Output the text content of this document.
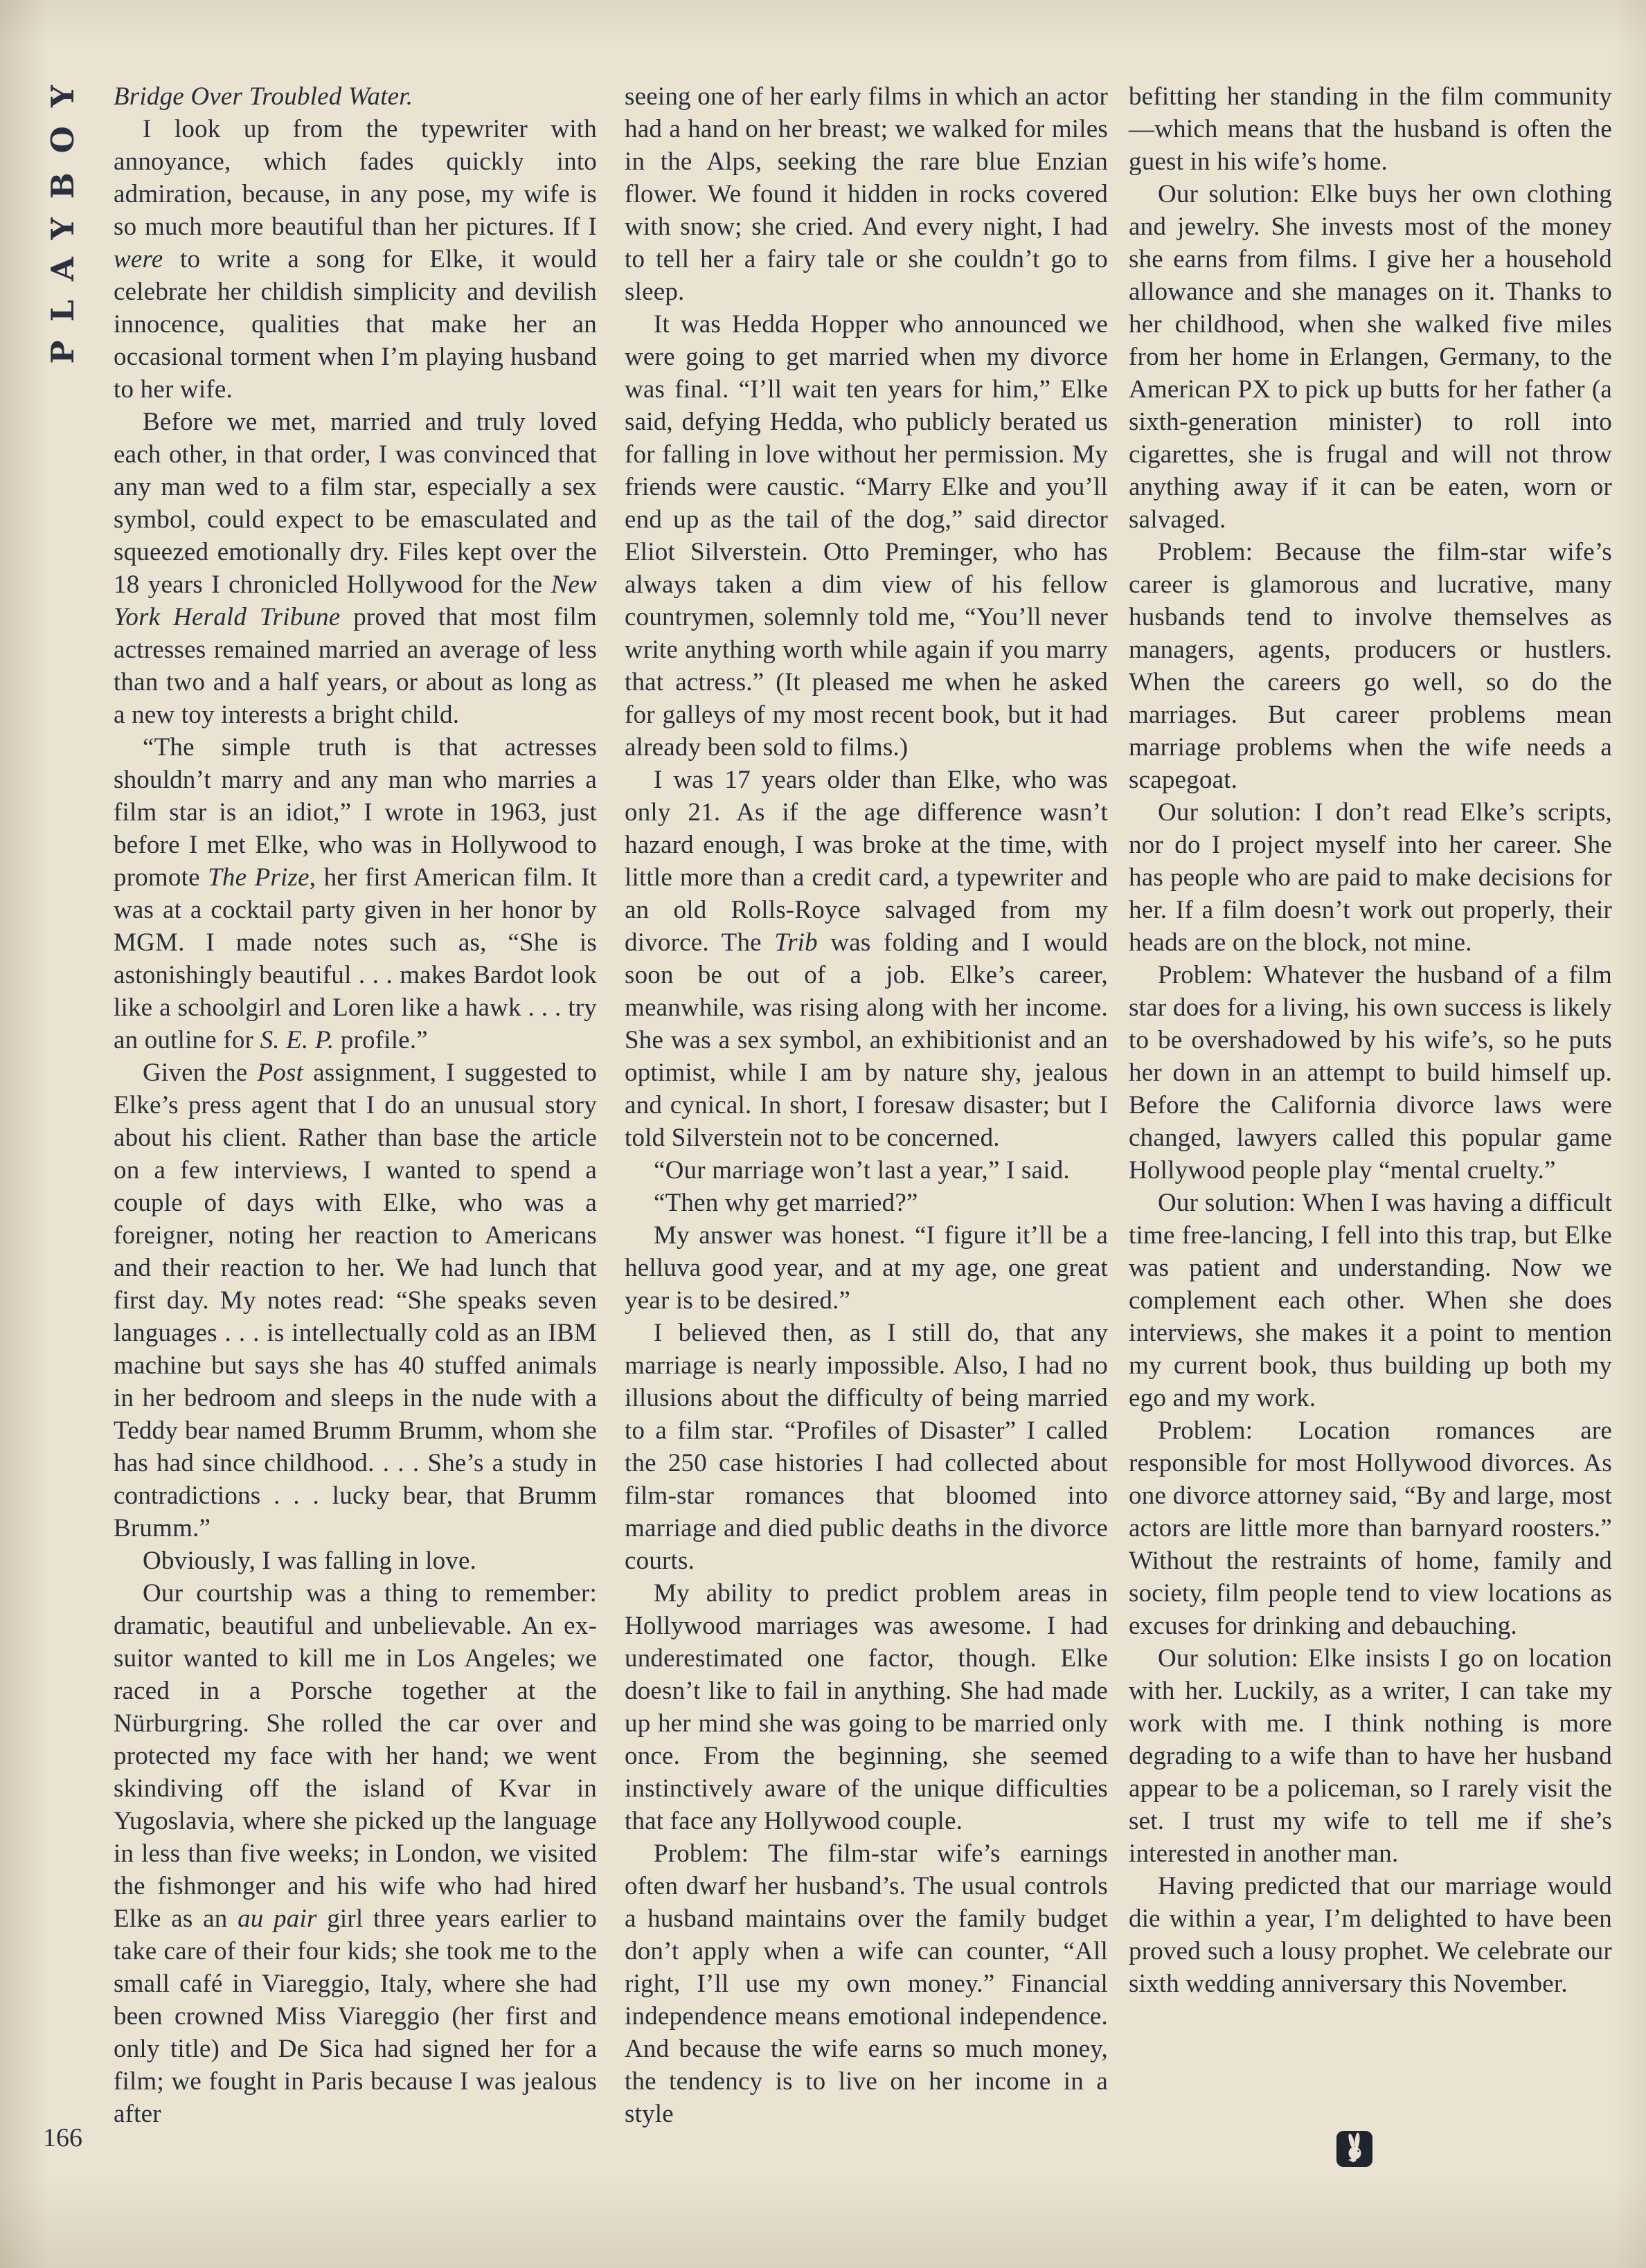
PLAYBOY Bridge Over Troubled Water.

I look up from the typewriter with annoyance, which fades quickly into admiration, because, in any pose, my wife is so much more beautiful than her pictures. If I were to write a song for Elke, it would celebrate her childish simplicity and devilish innocence, qualities that make her an occasional torment when I’m playing husband to her wife.

Before we met, married and truly loved each other, in that order, I was convinced that any man wed to a film star, especially a sex symbol, could expect to be emasculated and squeezed emotionally dry. Files kept over the 18 years I chronicled Hollywood for the New York Herald Tribune proved that most film actresses remained married an average of less than two and a half years, or about as long as a new toy interests a bright child.

“The simple truth is that actresses shouldn’t marry and any man who marries a film star is an idiot,” I wrote in 1963, just before I met Elke, who was in Hollywood to promote The Prize, her first American film. It was at a cocktail party given in her honor by MGM. I made notes such as, “She is astonishingly beautiful . . . makes Bardot look like a schoolgirl and Loren like a hawk . . . try an outline for S. E. P. profile.”

Given the Post assignment, I suggested to Elke’s press agent that I do an unusual story about his client. Rather than base the article on a few interviews, I wanted to spend a couple of days with Elke, who was a foreigner, noting her reaction to Americans and their reaction to her. We had lunch that first day. My notes read: “She speaks seven languages . . . is intellectually cold as an IBM machine but says she has 40 stuffed animals in her bedroom and sleeps in the nude with a Teddy bear named Brumm Brumm, whom she has had since childhood. . . . She’s a study in contradictions . . . lucky bear, that Brumm Brumm.”

Obviously, I was falling in love.

Our courtship was a thing to remember: dramatic, beautiful and unbelievable. An ex-suitor wanted to kill me in Los Angeles; we raced in a Porsche together at the Nürburgring. She rolled the car over and protected my face with her hand; we went skindiving off the island of Kvar in Yugoslavia, where she picked up the language in less than five weeks; in London, we visited the fishmonger and his wife who had hired Elke as an au pair girl three years earlier to take care of their four kids; she took me to the small café in Viareggio, Italy, where she had been crowned Miss Viareggio (her first and only title) and De Sica had signed her for a film; we fought in Paris because I was jealous after

seeing one of her early films in which an actor had a hand on her breast; we walked for miles in the Alps, seeking the rare blue Enzian flower. We found it hidden in rocks covered with snow; she cried. And every night, I had to tell her a fairy tale or she couldn’t go to sleep.

It was Hedda Hopper who announced we were going to get married when my divorce was final. “I’ll wait ten years for him,” Elke said, defying Hedda, who publicly berated us for falling in love without her permission. My friends were caustic. “Marry Elke and you’ll end up as the tail of the dog,” said director Eliot Silverstein. Otto Preminger, who has always taken a dim view of his fellow countrymen, solemnly told me, “You’ll never write anything worth while again if you marry that actress.” (It pleased me when he asked for galleys of my most recent book, but it had already been sold to films.)

I was 17 years older than Elke, who was only 21. As if the age difference wasn’t hazard enough, I was broke at the time, with little more than a credit card, a typewriter and an old Rolls-Royce salvaged from my divorce. The Trib was folding and I would soon be out of a job. Elke’s career, meanwhile, was rising along with her income. She was a sex symbol, an exhibitionist and an optimist, while I am by nature shy, jealous and cynical. In short, I foresaw disaster; but I told Silverstein not to be concerned.

“Our marriage won’t last a year,” I said.

“Then why get married?”

My answer was honest. “I figure it’ll be a helluva good year, and at my age, one great year is to be desired.”

I believed then, as I still do, that any marriage is nearly impossible. Also, I had no illusions about the difficulty of being married to a film star. “Profiles of Disaster” I called the 250 case histories I had collected about film-star romances that bloomed into marriage and died public deaths in the divorce courts.

My ability to predict problem areas in Hollywood marriages was awesome. I had underestimated one factor, though. Elke doesn’t like to fail in anything. She had made up her mind she was going to be married only once. From the beginning, she seemed instinctively aware of the unique difficulties that face any Hollywood couple.

Problem: The film-star wife’s earnings often dwarf her husband’s. The usual controls a husband maintains over the family budget don’t apply when a wife can counter, “All right, I’ll use my own money.” Financial independence means emotional independence. And because the wife earns so much money, the tendency is to live on her income in a style

befitting her standing in the film community—which means that the husband is often the guest in his wife’s home.

Our solution: Elke buys her own clothing and jewelry. She invests most of the money she earns from films. I give her a household allowance and she manages on it. Thanks to her childhood, when she walked five miles from her home in Erlangen, Germany, to the American PX to pick up butts for her father (a sixth-generation minister) to roll into cigarettes, she is frugal and will not throw anything away if it can be eaten, worn or salvaged.

Problem: Because the film-star wife’s career is glamorous and lucrative, many husbands tend to involve themselves as managers, agents, producers or hustlers. When the careers go well, so do the marriages. But career problems mean marriage problems when the wife needs a scapegoat.

Our solution: I don’t read Elke’s scripts, nor do I project myself into her career. She has people who are paid to make decisions for her. If a film doesn’t work out properly, their heads are on the block, not mine.

Problem: Whatever the husband of a film star does for a living, his own success is likely to be overshadowed by his wife’s, so he puts her down in an attempt to build himself up. Before the California divorce laws were changed, lawyers called this popular game Hollywood people play “mental cruelty.”

Our solution: When I was having a difficult time free-lancing, I fell into this trap, but Elke was patient and understanding. Now we complement each other. When she does interviews, she makes it a point to mention my current book, thus building up both my ego and my work.

Problem: Location romances are responsible for most Hollywood divorces. As one divorce attorney said, “By and large, most actors are little more than barnyard roosters.” Without the restraints of home, family and society, film people tend to view locations as excuses for drinking and debauching.

Our solution: Elke insists I go on location with her. Luckily, as a writer, I can take my work with me. I think nothing is more degrading to a wife than to have her husband appear to be a policeman, so I rarely visit the set. I trust my wife to tell me if she’s interested in another man.

Having predicted that our marriage would die within a year, I’m delighted to have been proved such a lousy prophet. We celebrate our sixth wedding anniversary this November.

166
